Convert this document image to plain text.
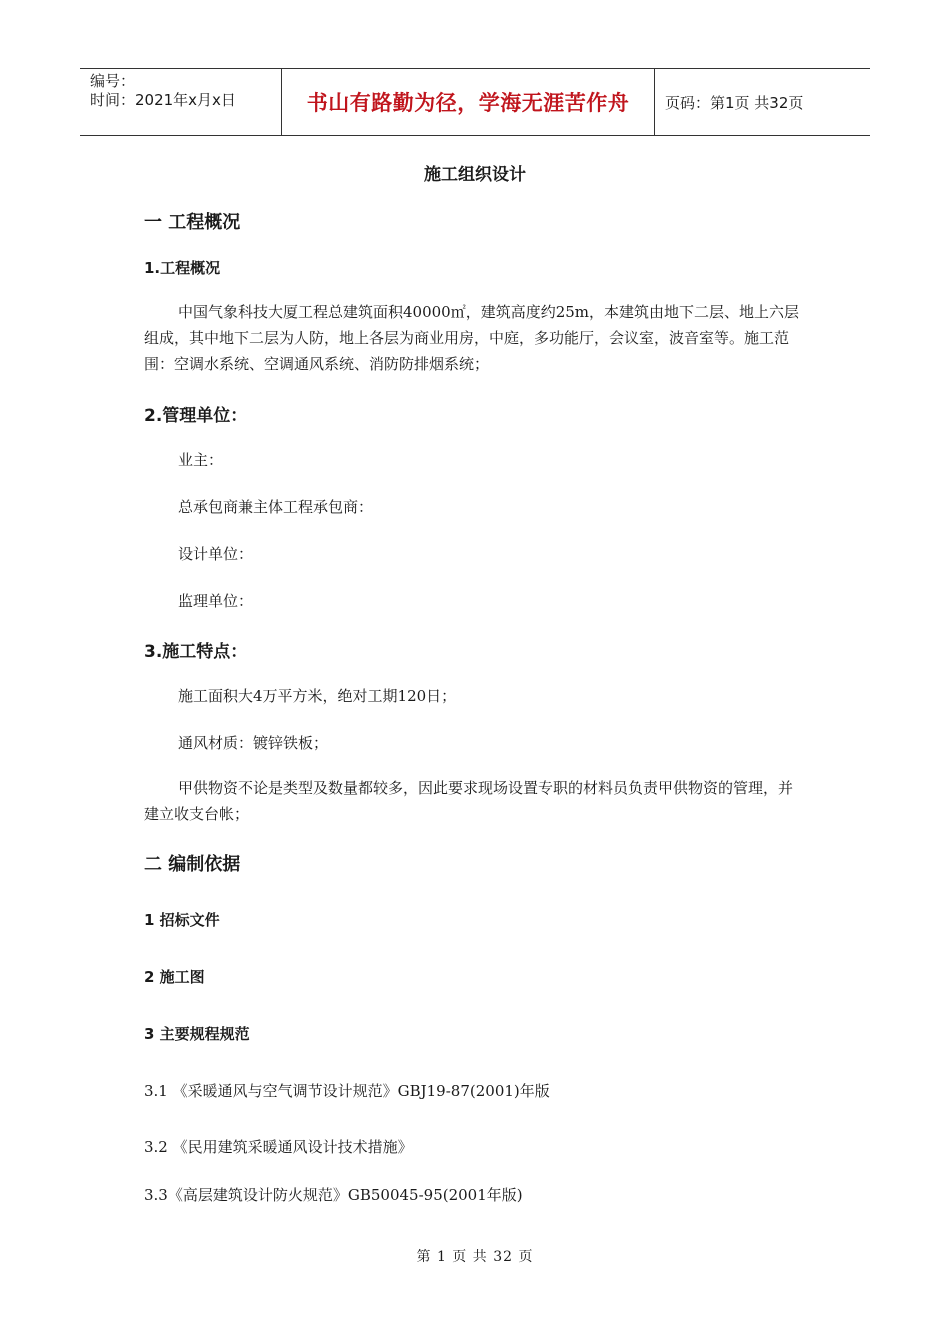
编号：
时间：2021年x月x日	书山有路勤为径，学海无涯苦作舟 页码：第1页 共32页
施工组织设计
一 工程概况
1.工程概况
中国气象科技大厦工程总建筑面积40000㎡，建筑高度约25m，本建筑由地下二层、地上六层组成，其中地下二层为人防，地上各层为商业用房，中庭，多功能厅，会议室，波音室等。施工范围：空调水系统、空调通风系统、消防防排烟系统；
2.管理单位：
业主：
总承包商兼主体工程承包商：
设计单位：
监理单位：
3.施工特点：
施工面积大4万平方米，绝对工期120日；
通风材质：镀锌铁板；
甲供物资不论是类型及数量都较多，因此要求现场设置专职的材料员负责甲供物资的管理，并建立收支台帐；
二 编制依据
1 招标文件
2 施工图
3 主要规程规范
3.1 《采暖通风与空气调节设计规范》GBJ19-87(2001)年版
3.2 《民用建筑采暖通风设计技术措施》
3.3《高层建筑设计防火规范》GB50045-95(2001年版)
第 1 页 共 32 页
